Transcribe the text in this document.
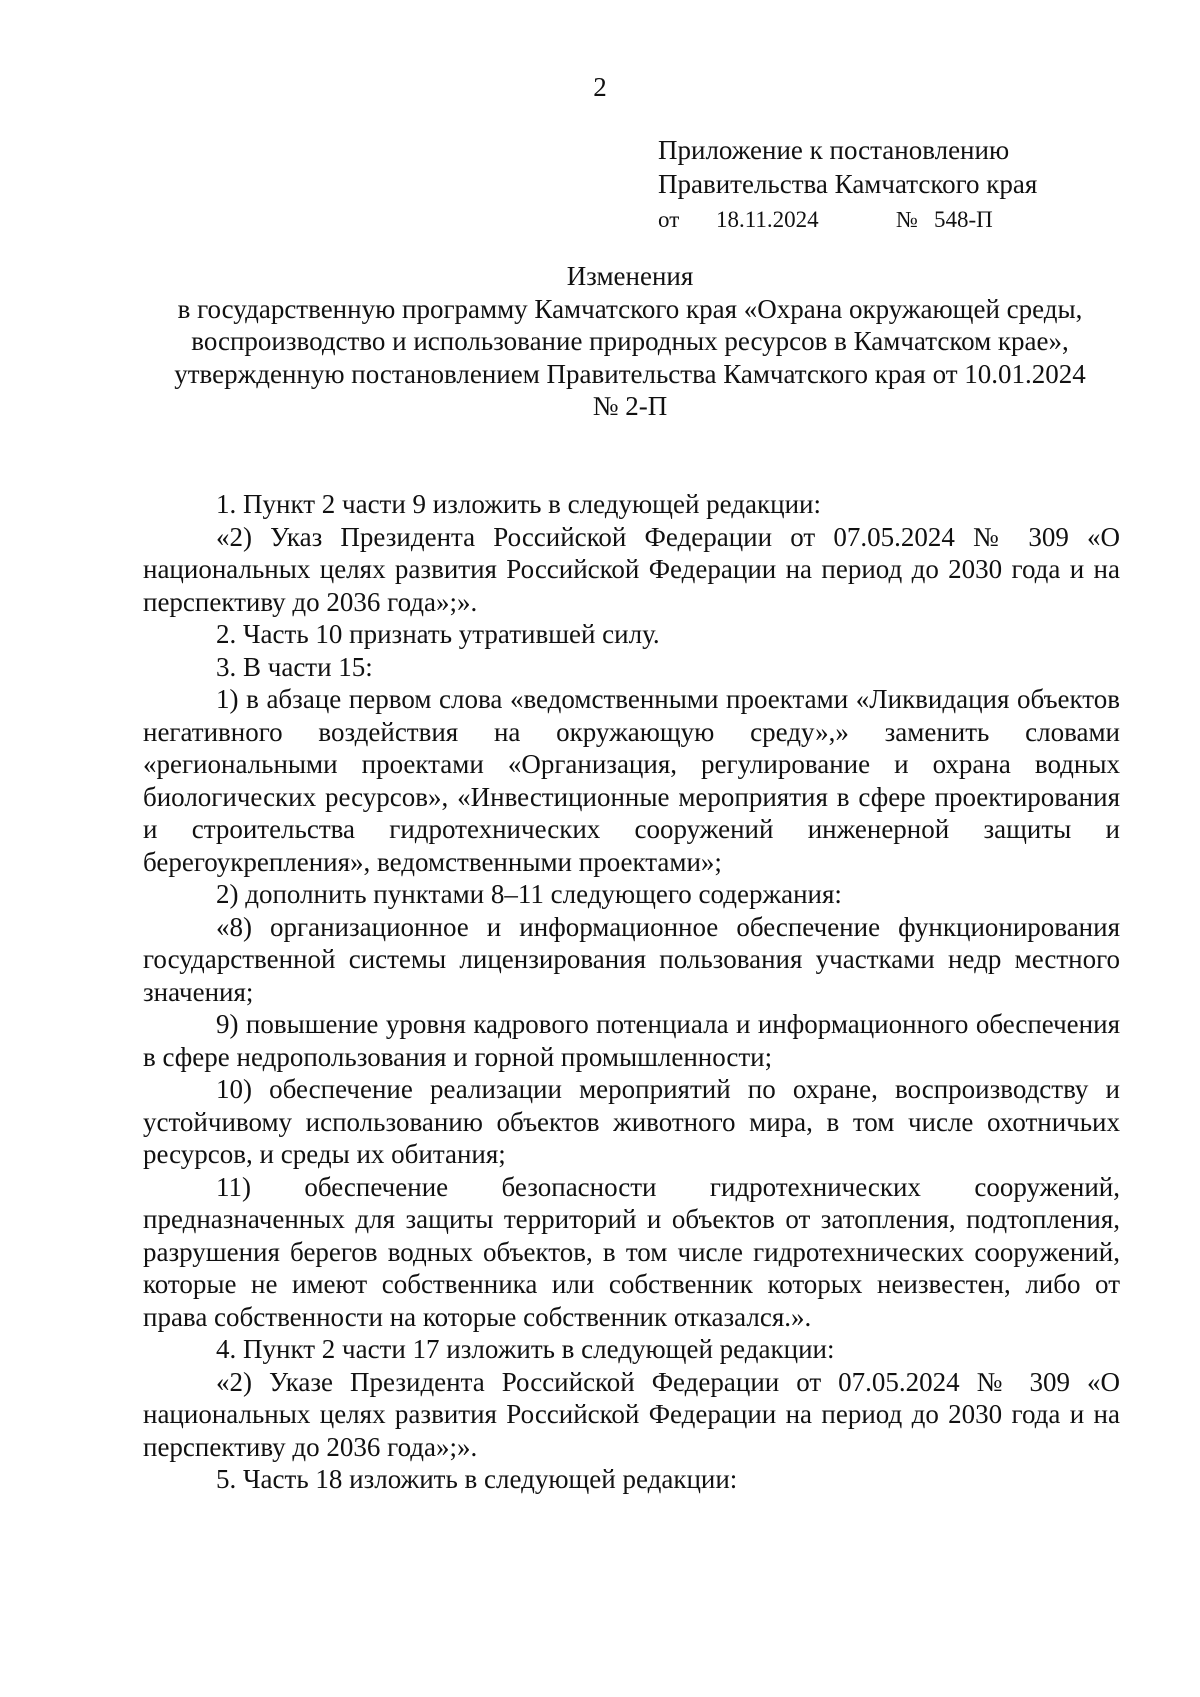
2
Приложение к постановлению
Правительства Камчатского края
от	18.11.2024	№ 548-П
Изменения
в государственную программу Камчатского края «Охрана окружающей среды,
воспроизводство и использование природных ресурсов в Камчатском крае»,
утвержденную постановлением Правительства Камчатского края от 10.01.2024
№ 2-П

1. Пункт 2 части 9 изложить в следующей редакции:

«2) Указ Президента Российской Федерации от 07.05.2024 № 309 «О национальных целях развития Российской Федерации на период до 2030 года и на перспективу до 2036 года»;».

2. Часть 10 признать утратившей силу.

3. В части 15:

1) в абзаце первом слова «ведомственными проектами «Ликвидация объектов негативного воздействия на окружающую среду»,» заменить словами «региональными проектами «Организация, регулирование и охрана водных биологических ресурсов», «Инвестиционные мероприятия в сфере проектирования и строительства гидротехнических сооружений инженерной защиты и берегоукрепления», ведомственными проектами»;

2) дополнить пунктами 8–11 следующего содержания:

«8) организационное и информационное обеспечение функционирования государственной системы лицензирования пользования участками недр местного значения;

9) повышение уровня кадрового потенциала и информационного обеспечения в сфере недропользования и горной промышленности;

10) обеспечение реализации мероприятий по охране, воспроизводству и устойчивому использованию объектов животного мира, в том числе охотничьих ресурсов, и среды их обитания;

11) обеспечение безопасности гидротехнических сооружений, предназначенных для защиты территорий и объектов от затопления, подтопления, разрушения берегов водных объектов, в том числе гидротехнических сооружений, которые не имеют собственника или собственник которых неизвестен, либо от права собственности на которые собственник отказался.».

4. Пункт 2 части 17 изложить в следующей редакции:

«2) Указе Президента Российской Федерации от 07.05.2024 № 309 «О национальных целях развития Российской Федерации на период до 2030 года и на перспективу до 2036 года»;».

5. Часть 18 изложить в следующей редакции:
